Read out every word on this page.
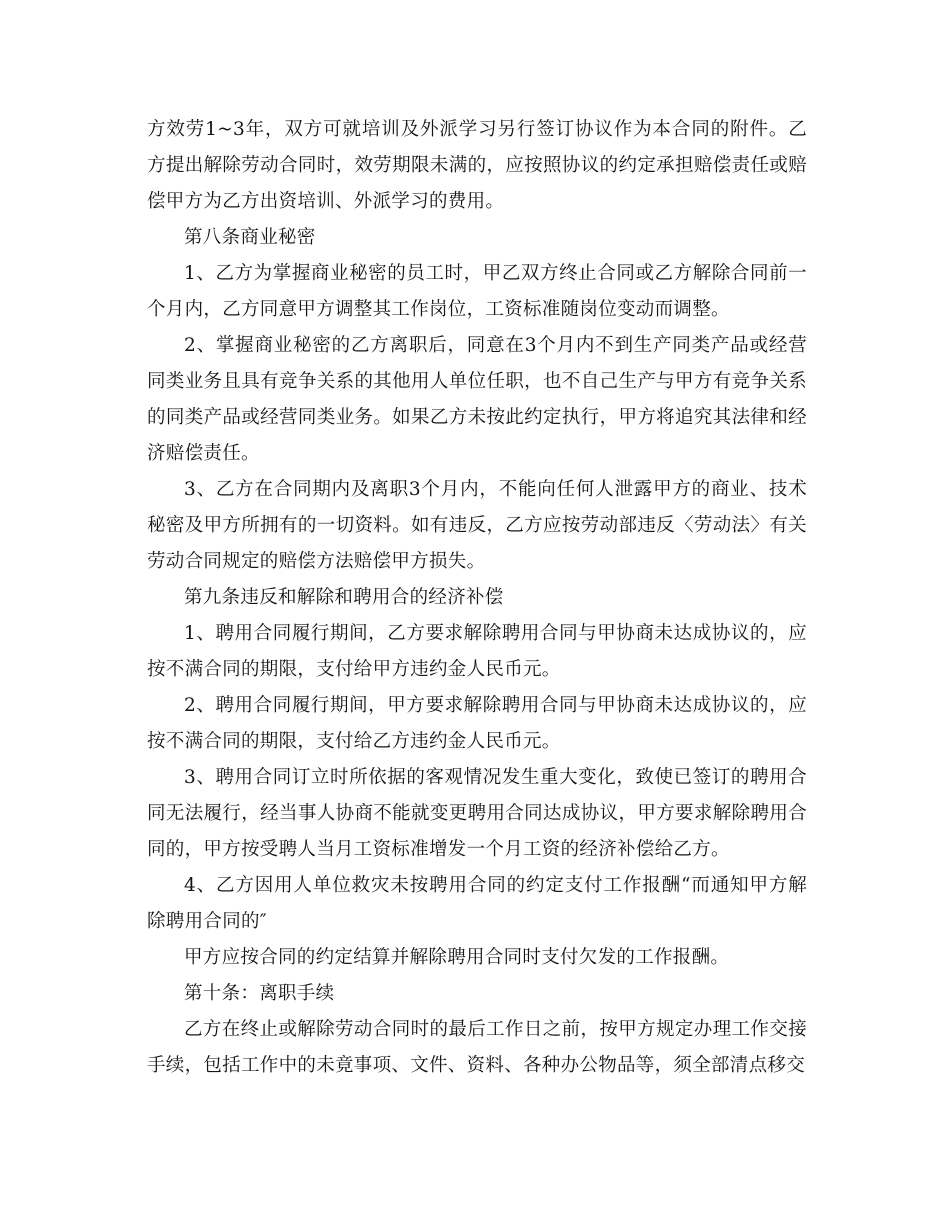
方效劳1~3年，双方可就培训及外派学习另行签订协议作为本合同的附件。乙方提出解除劳动合同时，效劳期限未满的，应按照协议的约定承担赔偿责任或赔偿甲方为乙方出资培训、外派学习的费用。

第八条商业秘密

1、乙方为掌握商业秘密的员工时，甲乙双方终止合同或乙方解除合同前一个月内，乙方同意甲方调整其工作岗位，工资标准随岗位变动而调整。

2、掌握商业秘密的乙方离职后，同意在3个月内不到生产同类产品或经营同类业务且具有竞争关系的其他用人单位任职，也不自己生产与甲方有竞争关系的同类产品或经营同类业务。如果乙方未按此约定执行，甲方将追究其法律和经济赔偿责任。

3、乙方在合同期内及离职3个月内，不能向任何人泄露甲方的商业、技术秘密及甲方所拥有的一切资料。如有违反，乙方应按劳动部违反〈劳动法〉有关劳动合同规定的赔偿方法赔偿甲方损失。

第九条违反和解除和聘用合的经济补偿

1、聘用合同履行期间，乙方要求解除聘用合同与甲协商未达成协议的，应按不满合同的期限，支付给甲方违约金人民币元。

2、聘用合同履行期间，甲方要求解除聘用合同与甲协商未达成协议的，应按不满合同的期限，支付给乙方违约金人民币元。

3、聘用合同订立时所依据的客观情况发生重大变化，致使已签订的聘用合同无法履行，经当事人协商不能就变更聘用合同达成协议，甲方要求解除聘用合同的，甲方按受聘人当月工资标准增发一个月工资的经济补偿给乙方。

4、乙方因用人单位救灾未按聘用合同的约定支付工作报酬“而通知甲方解除聘用合同的″

甲方应按合同的约定结算并解除聘用合同时支付欠发的工作报酬。

第十条：离职手续

乙方在终止或解除劳动合同时的最后工作日之前，按甲方规定办理工作交接手续，包括工作中的未竟事项、文件、资料、各种办公物品等，须全部清点移交
